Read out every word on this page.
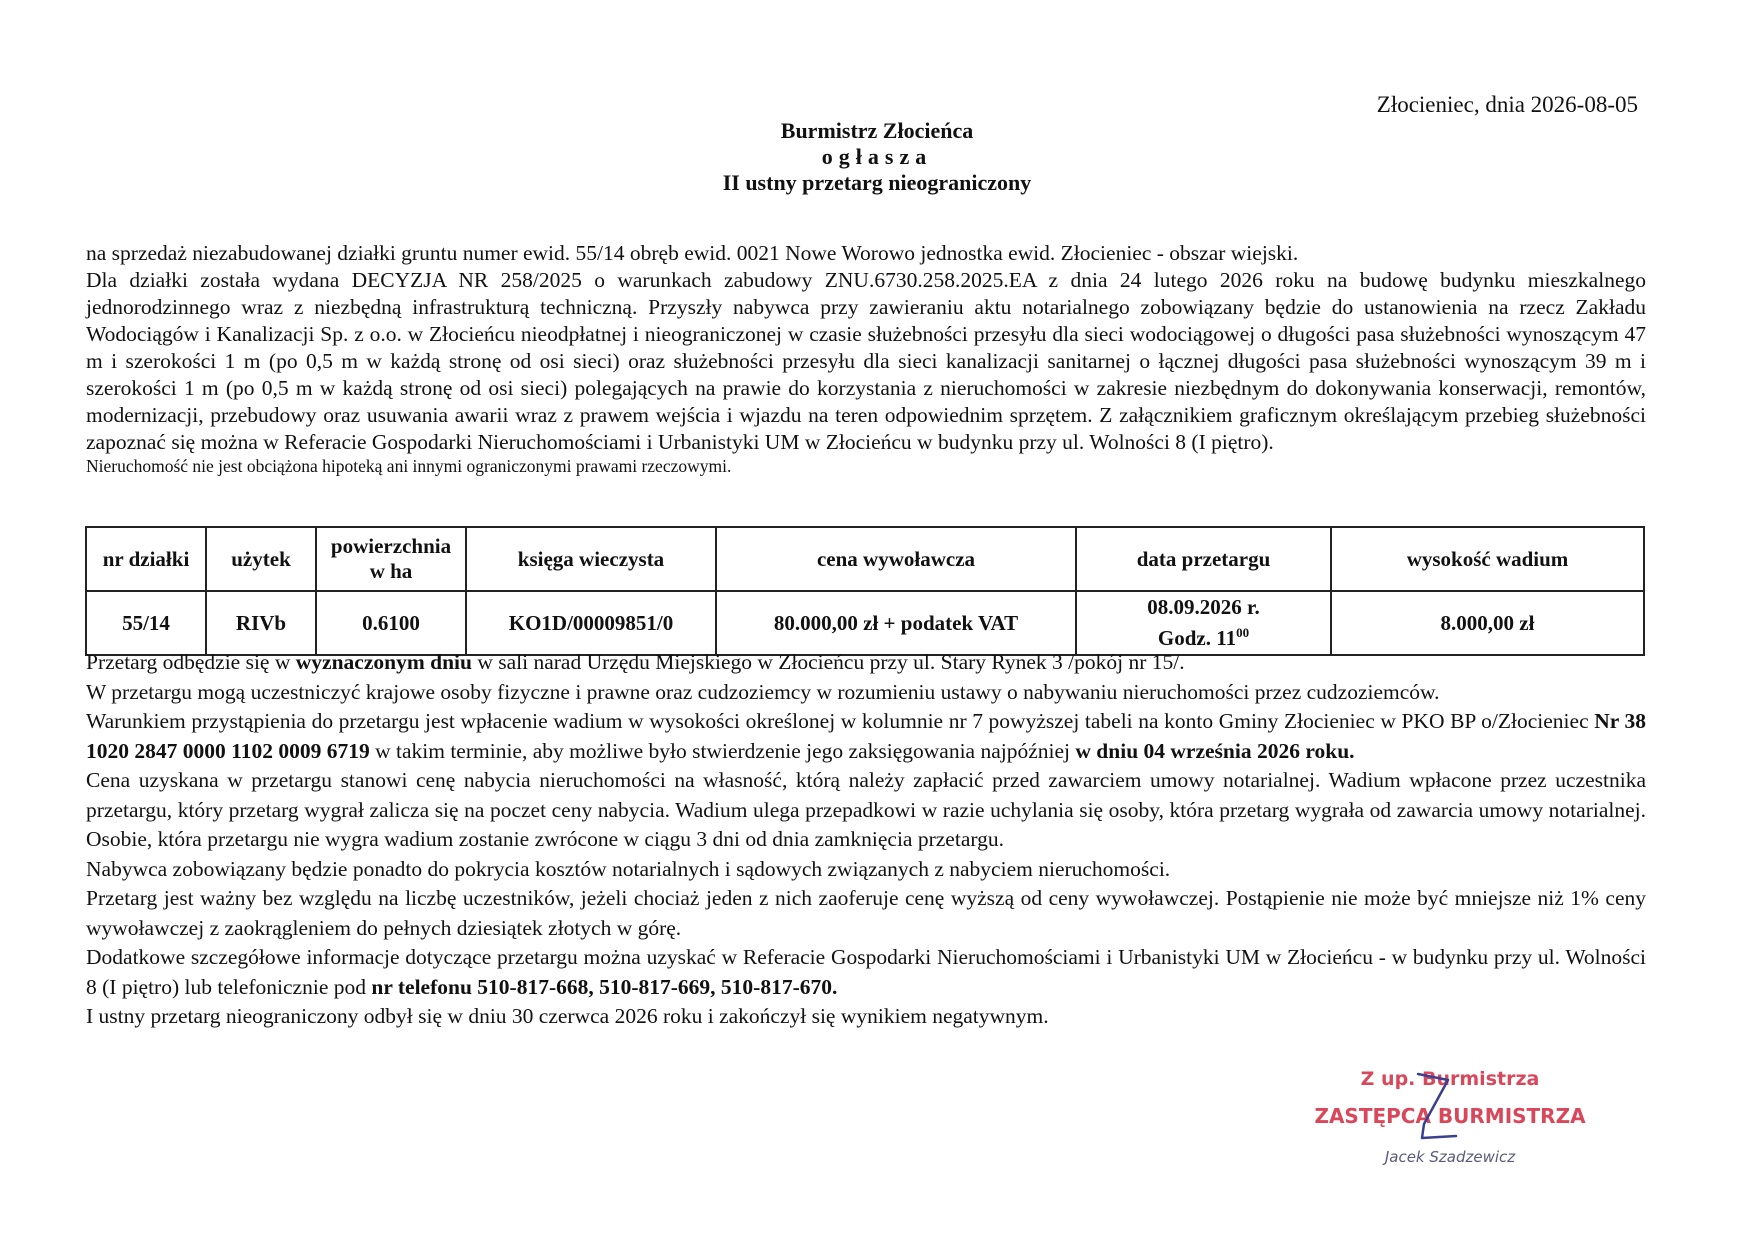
Złocieniec, dnia 2026-08-05
Burmistrz Złocieńca
ogłasza
II ustny przetarg nieograniczony

na sprzedaż niezabudowanej działki gruntu numer ewid. 55/14 obręb ewid. 0021 Nowe Worowo jednostka ewid. Złocieniec - obszar wiejski.

Dla działki została wydana DECYZJA NR 258/2025 o warunkach zabudowy ZNU.6730.258.2025.EA z dnia 24 lutego 2026 roku na budowę budynku mieszkalnego jednorodzinnego wraz z niezbędną infrastrukturą techniczną. Przyszły nabywca przy zawieraniu aktu notarialnego zobowiązany będzie do ustanowienia na rzecz Zakładu Wodociągów i Kanalizacji Sp. z o.o. w Złocieńcu nieodpłatnej i nieograniczonej w czasie służebności przesyłu dla sieci wodociągowej o długości pasa służebności wynoszącym 47 m i szerokości 1 m (po 0,5 m w każdą stronę od osi sieci) oraz służebności przesyłu dla sieci kanalizacji sanitarnej o łącznej długości pasa służebności wynoszącym 39 m i szerokości 1 m (po 0,5 m w każdą stronę od osi sieci) polegających na prawie do korzystania z nieruchomości w zakresie niezbędnym do dokonywania konserwacji, remontów, modernizacji, przebudowy oraz usuwania awarii wraz z prawem wejścia i wjazdu na teren odpowiednim sprzętem. Z załącznikiem graficznym określającym przebieg służebności zapoznać się można w Referacie Gospodarki Nieruchomościami i Urbanistyki UM w Złocieńcu w budynku przy ul. Wolności 8 (I piętro).

Nieruchomość nie jest obciążona hipoteką ani innymi ograniczonymi prawami rzeczowymi.

nr działki	użytek	powierzchnia w ha	księga wieczysta	cena wywoławcza	data przetargu	wysokość wadium
55/14	RIVb	0.6100	KO1D/00009851/0	80.000,00 zł + podatek VAT	08.09.2026 r.
Godz. $11^{00}$	8.000,00 zł

Przetarg odbędzie się w wyznaczonym dniu w sali narad Urzędu Miejskiego w Złocieńcu przy ul. Stary Rynek 3 /pokój nr 15/.

W przetargu mogą uczestniczyć krajowe osoby fizyczne i prawne oraz cudzoziemcy w rozumieniu ustawy o nabywaniu nieruchomości przez cudzoziemców.

Warunkiem przystąpienia do przetargu jest wpłacenie wadium w wysokości określonej w kolumnie nr 7 powyższej tabeli na konto Gminy Złocieniec w PKO BP o/Złocieniec Nr 38 1020 2847 0000 1102 0009 6719 w takim terminie, aby możliwe było stwierdzenie jego zaksięgowania najpóźniej w dniu 04 września 2026 roku.

Cena uzyskana w przetargu stanowi cenę nabycia nieruchomości na własność, którą należy zapłacić przed zawarciem umowy notarialnej. Wadium wpłacone przez uczestnika przetargu, który przetarg wygrał zalicza się na poczet ceny nabycia. Wadium ulega przepadkowi w razie uchylania się osoby, która przetarg wygrała od zawarcia umowy notarialnej. Osobie, która przetargu nie wygra wadium zostanie zwrócone w ciągu 3 dni od dnia zamknięcia przetargu.

Nabywca zobowiązany będzie ponadto do pokrycia kosztów notarialnych i sądowych związanych z nabyciem nieruchomości.

Przetarg jest ważny bez względu na liczbę uczestników, jeżeli chociaż jeden z nich zaoferuje cenę wyższą od ceny wywoławczej. Postąpienie nie może być mniejsze niż 1% ceny wywoławczej z zaokrągleniem do pełnych dziesiątek złotych w górę.

Dodatkowe szczegółowe informacje dotyczące przetargu można uzyskać w Referacie Gospodarki Nieruchomościami i Urbanistyki UM w Złocieńcu - w budynku przy ul. Wolności 8 (I piętro) lub telefonicznie pod nr telefonu 510-817-668, 510-817-669, 510-817-670.

I ustny przetarg nieograniczony odbył się w dniu 30 czerwca 2026 roku i zakończył się wynikiem negatywnym.

Z up. Burmistrza
ZASTĘPCA BURMISTRZA
Jacek Szadzewicz
